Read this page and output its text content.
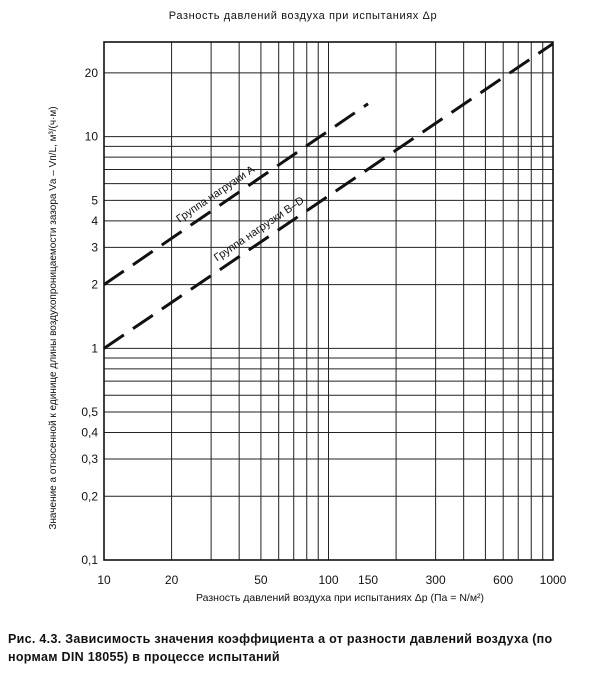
Разность давлений воздуха при испытаниях Δр
10	20	50	100 150	300	600 1000
0,1
0,2
0,3
0,4
0,5
1
2
3
4
5
10
20
Разность давлений воздуха при испытаниях Δр (Па = N/м²)
Значение а относенной к единице длины воздухопроницаемости зазора Vа – Vп/L, м³/(ч·м)	Группа нагрузки А
Группа нагрузки В–D
Рис. 4.3. Зависимость значения коэффициента а от разности давлений воздуха (по нормам DIN 18055) в процессе испытаний
